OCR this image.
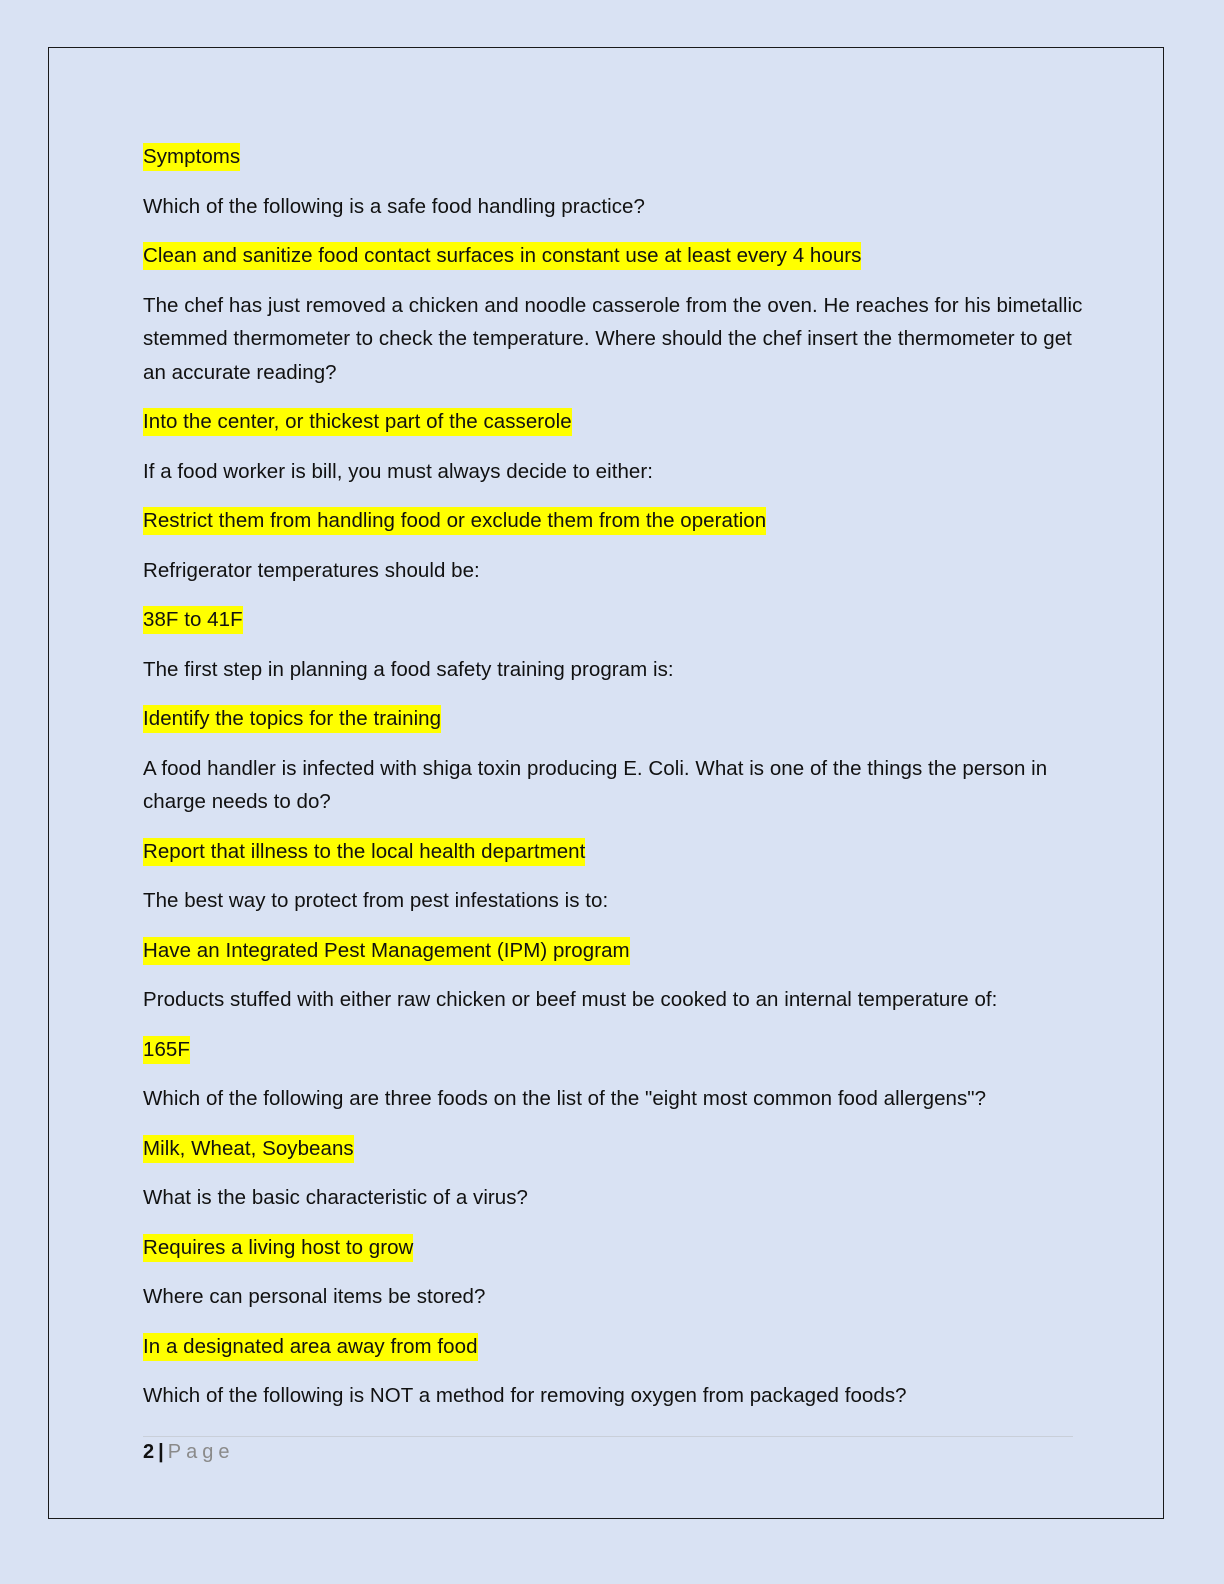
Symptoms

Which of the following is a safe food handling practice?

Clean and sanitize food contact surfaces in constant use at least every 4 hours

The chef has just removed a chicken and noodle casserole from the oven. He reaches for his bimetallic stemmed thermometer to check the temperature. Where should the chef insert the thermometer to get an accurate reading?

Into the center, or thickest part of the casserole

If a food worker is bill, you must always decide to either:

Restrict them from handling food or exclude them from the operation

Refrigerator temperatures should be:

38F to 41F

The first step in planning a food safety training program is:

Identify the topics for the training

A food handler is infected with shiga toxin producing E. Coli. What is one of the things the person in charge needs to do?

Report that illness to the local health department

The best way to protect from pest infestations is to:

Have an Integrated Pest Management (IPM) program

Products stuffed with either raw chicken or beef must be cooked to an internal temperature of:

165F

Which of the following are three foods on the list of the "eight most common food allergens"?

Milk, Wheat, Soybeans

What is the basic characteristic of a virus?

Requires a living host to grow

Where can personal items be stored?

In a designated area away from food

Which of the following is NOT a method for removing oxygen from packaged foods?

2 | Page
